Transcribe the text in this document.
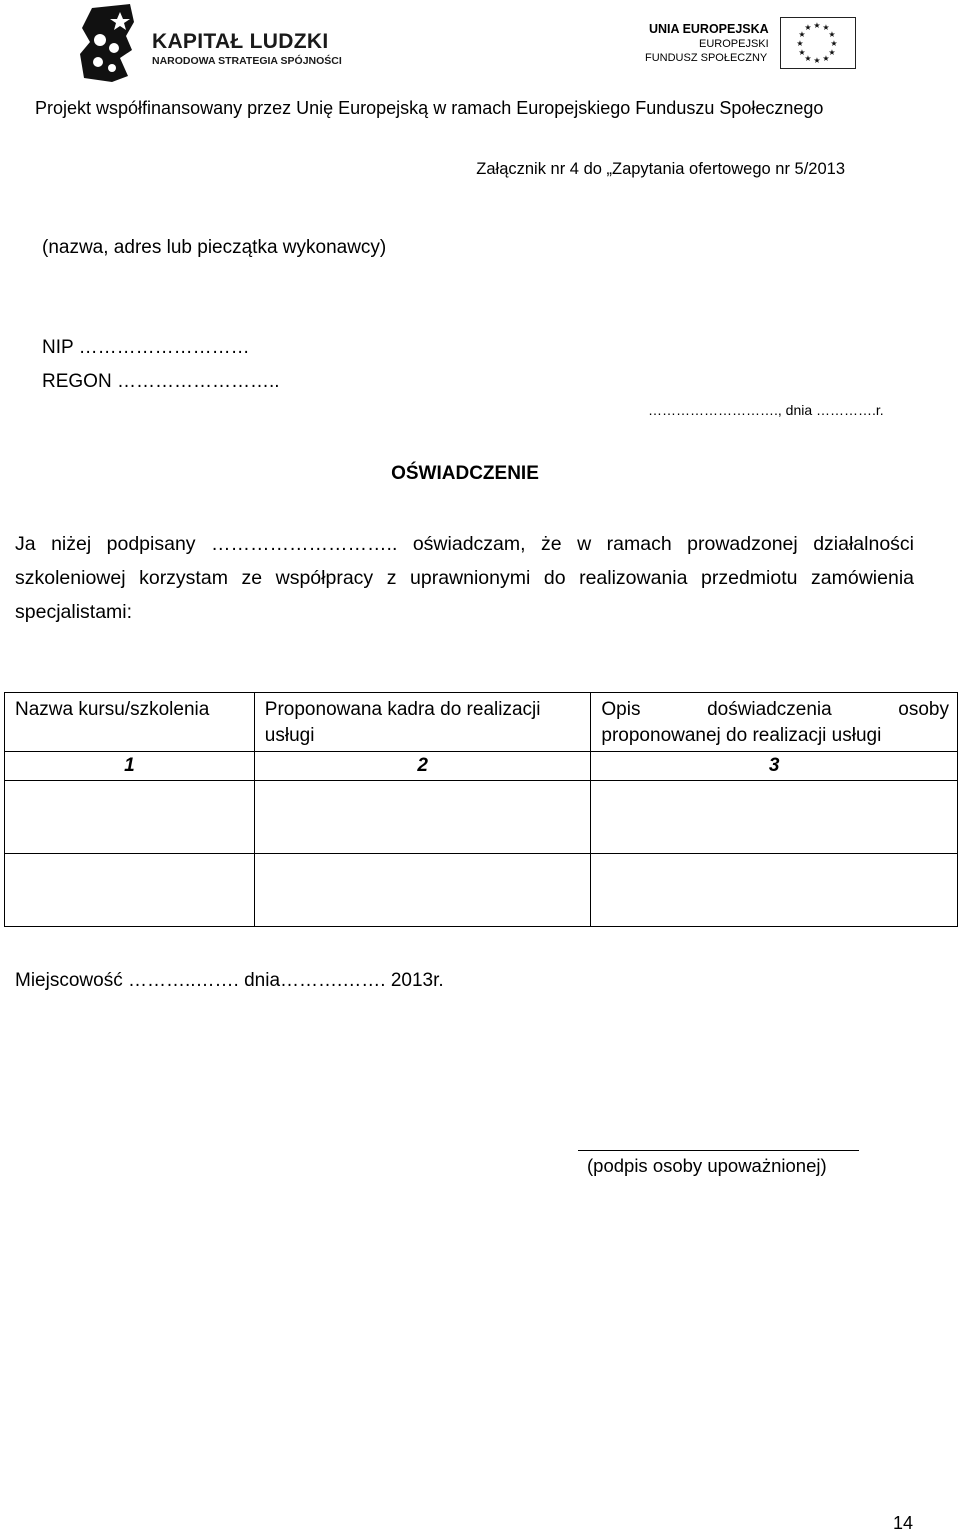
KAPITAŁ LUDZKI
NARODOWA STRATEGIA SPÓJNOŚCI
UNIA EUROPEJSKA
EUROPEJSKI
FUNDUSZ SPOŁECZNY
★ ★
★
★
★
★
★
★
★
★
★
★
Projekt współfinansowany przez Unię Europejską w ramach Europejskiego Funduszu Społecznego
Załącznik nr 4 do „Zapytania ofertowego nr 5/2013
(nazwa, adres lub pieczątka wykonawcy)
NIP ………………………
REGON ……………………..
………………………., dnia ………….r.
OŚWIADCZENIE
Ja niżej podpisany ……………………….. oświadczam, że w ramach prowadzonej działalności szkoleniowej korzystam ze współpracy z uprawnionymi do realizowania przedmiotu zamówienia specjalistami:
Nazwa kursu/szkolenia	Proponowana kadra do realizacji usługi	Opis doświadczenia osoby proponowanej do realizacji usługi
1	2	3

Miejscowość ………..……. dnia……….……. 2013r.
(podpis osoby upoważnionej)
14
